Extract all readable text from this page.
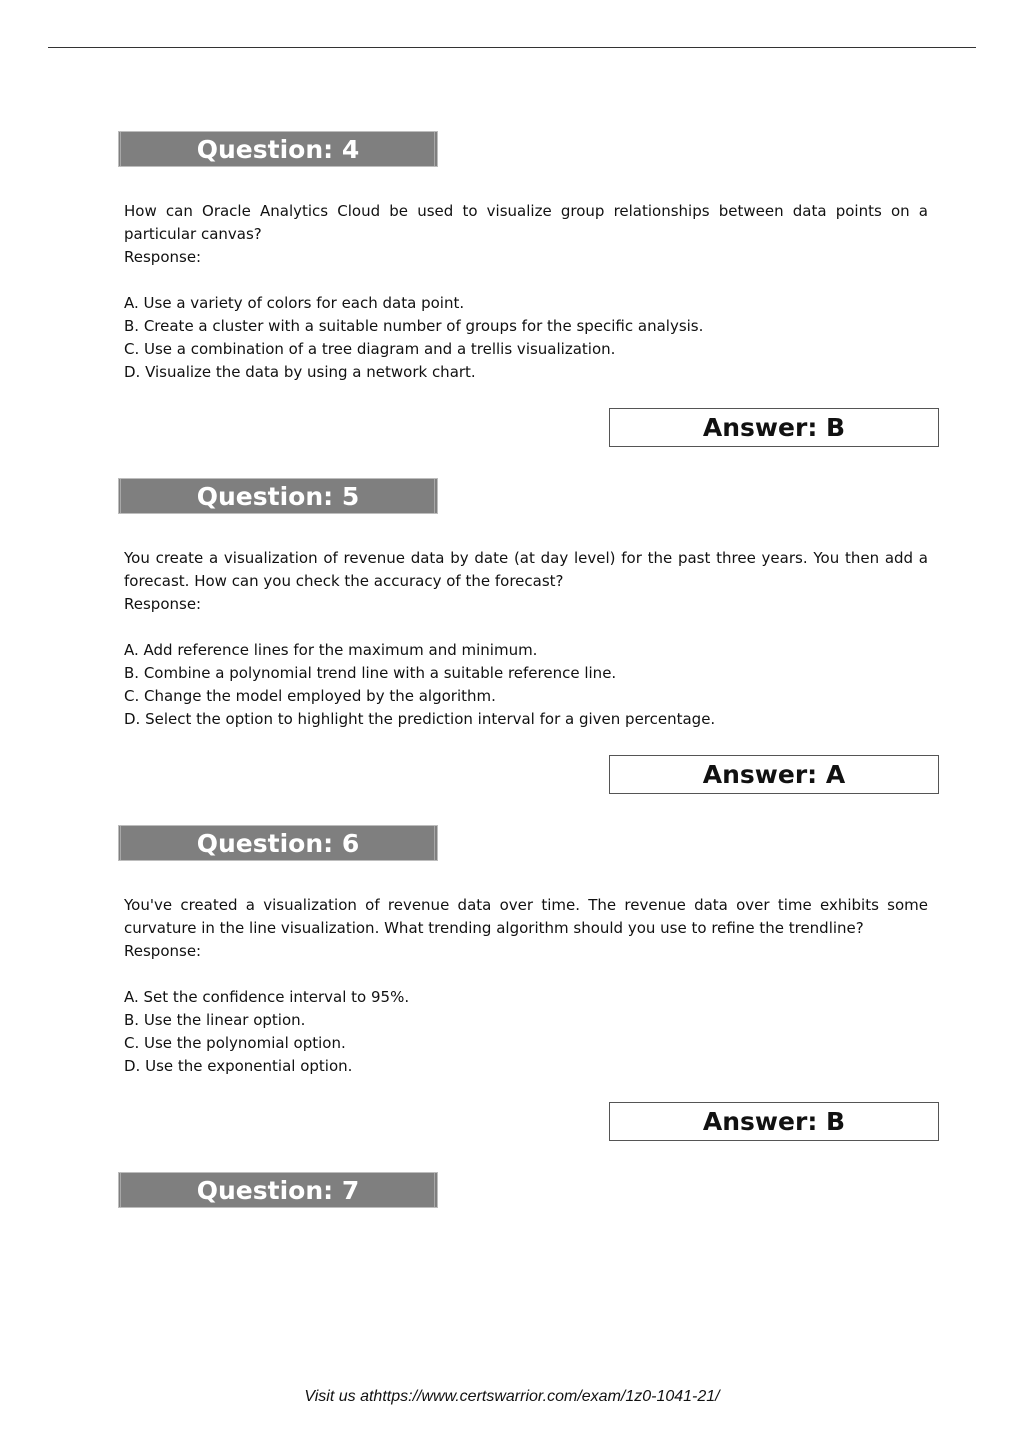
Question: 4

How can Oracle Analytics Cloud be used to visualize group relationships between data points on a particular canvas?

Response:

A. Use a variety of colors for each data point.
B. Create a cluster with a suitable number of groups for the specific analysis.
C. Use a combination of a tree diagram and a trellis visualization.
D. Visualize the data by using a network chart.
Answer: B
Question: 5

You create a visualization of revenue data by date (at day level) for the past three years. You then add a forecast. How can you check the accuracy of the forecast?

Response:

A. Add reference lines for the maximum and minimum.
B. Combine a polynomial trend line with a suitable reference line.
C. Change the model employed by the algorithm.
D. Select the option to highlight the prediction interval for a given percentage.
Answer: A
Question: 6

You've created a visualization of revenue data over time. The revenue data over time exhibits some curvature in the line visualization. What trending algorithm should you use to refine the trendline?

Response:

A. Set the confidence interval to 95%.
B. Use the linear option.
C. Use the polynomial option.
D. Use the exponential option.
Answer: B
Question: 7
Visit us athttps://www.certswarrior.com/exam/1z0-1041-21/
